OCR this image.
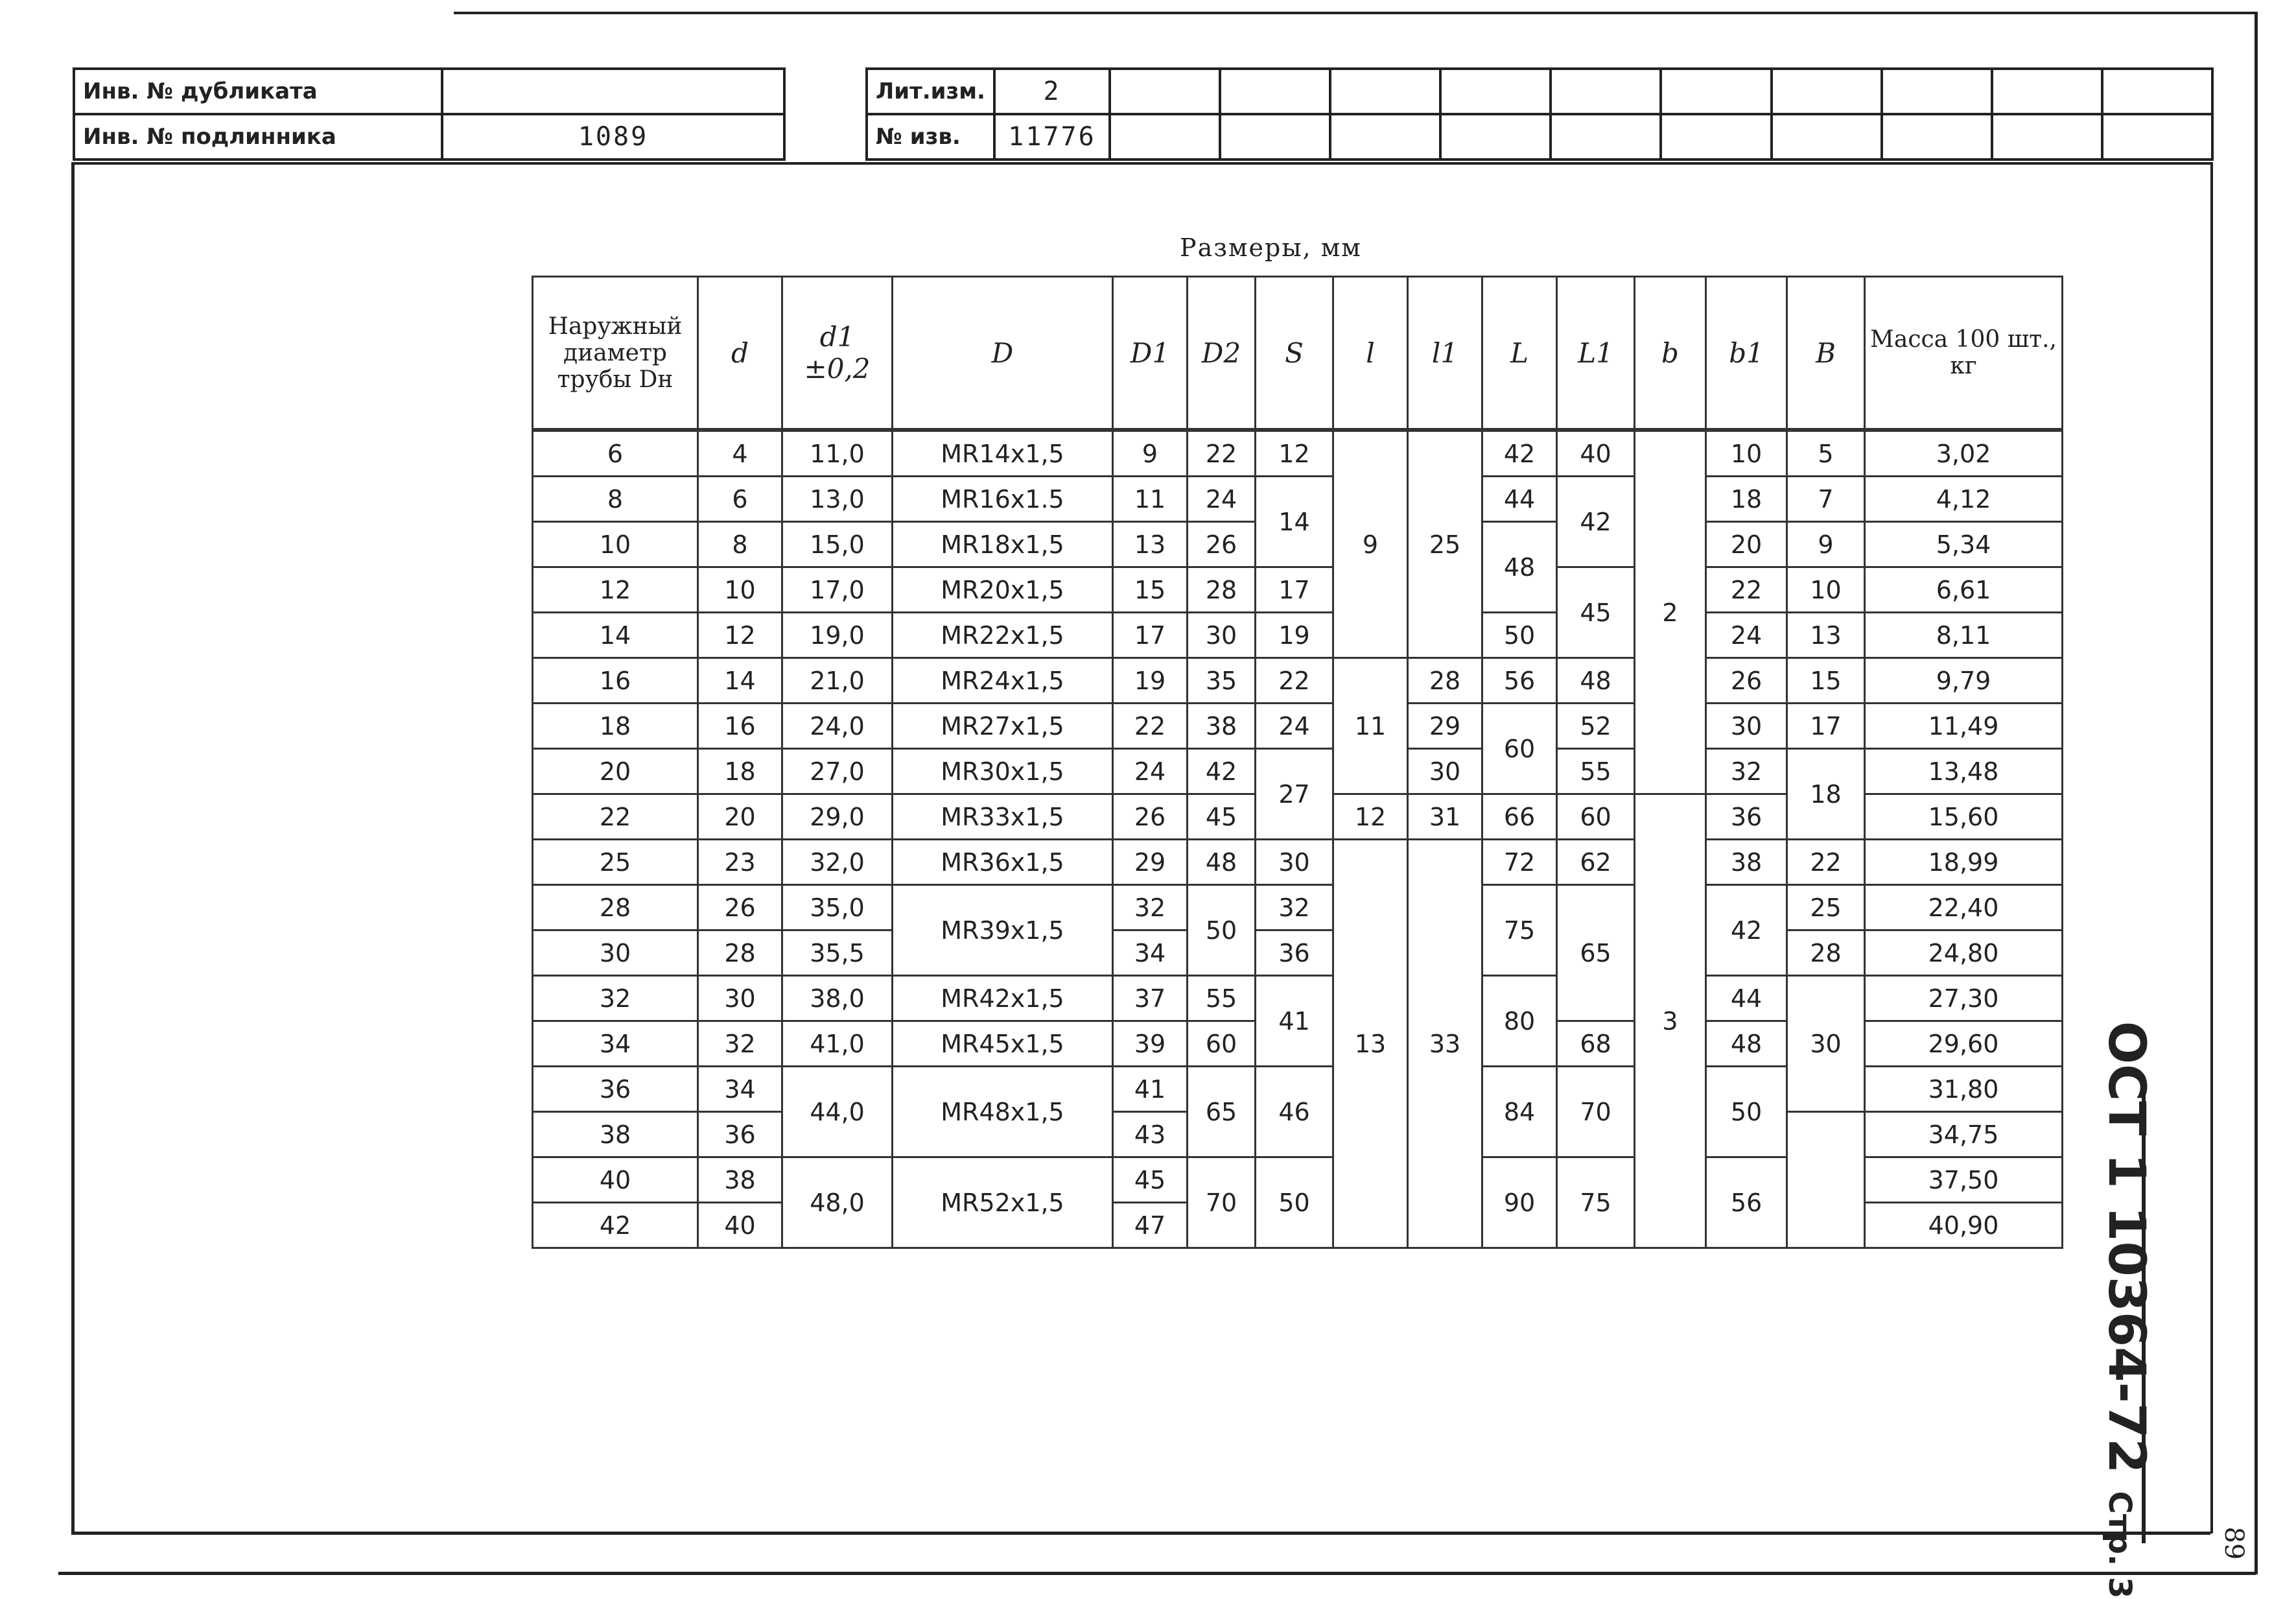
Инв. № дубликата	
Инв. № подлинника	1089
Лит.изм.	2										
№ изв.	11776										
Размеры, мм
Наружный диаметр трубы Dн	d	d1 ±0,2	D	D1	D2	S	l	l1	L	L1	b	b1	B	Масса 100 шт., кг
6	4	11,0	MR14x1,5	9	22	12	9	25	42	40	2	10	5	3,02
8	6	13,0	MR16x1.5	11	24	14			44	42		18	7	4,12
10	8	15,0	MR18x1,5	13	26				48			20	9	5,34
12	10	17,0	MR20x1,5	15	28	17				45		22	10	6,61
14	12	19,0	MR22x1,5	17	30	19			50			24	13	8,11
16	14	21,0	MR24x1,5	19	35	22	11	28	56	48		26	15	9,79
18	16	24,0	MR27x1,5	22	38	24		29	60	52		30	17	11,49
20	18	27,0	MR30x1,5	24	42	27		30		55		32	18	13,48
22	20	29,0	MR33x1,5	26	45		12	31	66	60	3	36		15,60
25	23	32,0	MR36x1,5	29	48	30	13	33	72	62		38	22	18,99
28	26	35,0	MR39x1,5	32	50	32			75	65		42	25	22,40
30	28	35,5		34		36							28	24,80
32	30	38,0	MR42x1,5	37	55	41			80			44	30	27,30
34	32	41,0	MR45x1,5	39	60					68		48		29,60
36	34	44,0	MR48x1,5	41	65	46			84	70		50		31,80
38	36			43										34,75
40	38	48,0	MR52x1,5	45	70	50			90	75		56		37,50
42	40			47										40,90 ОСТ 1 10364-72 Стр. 3	89
